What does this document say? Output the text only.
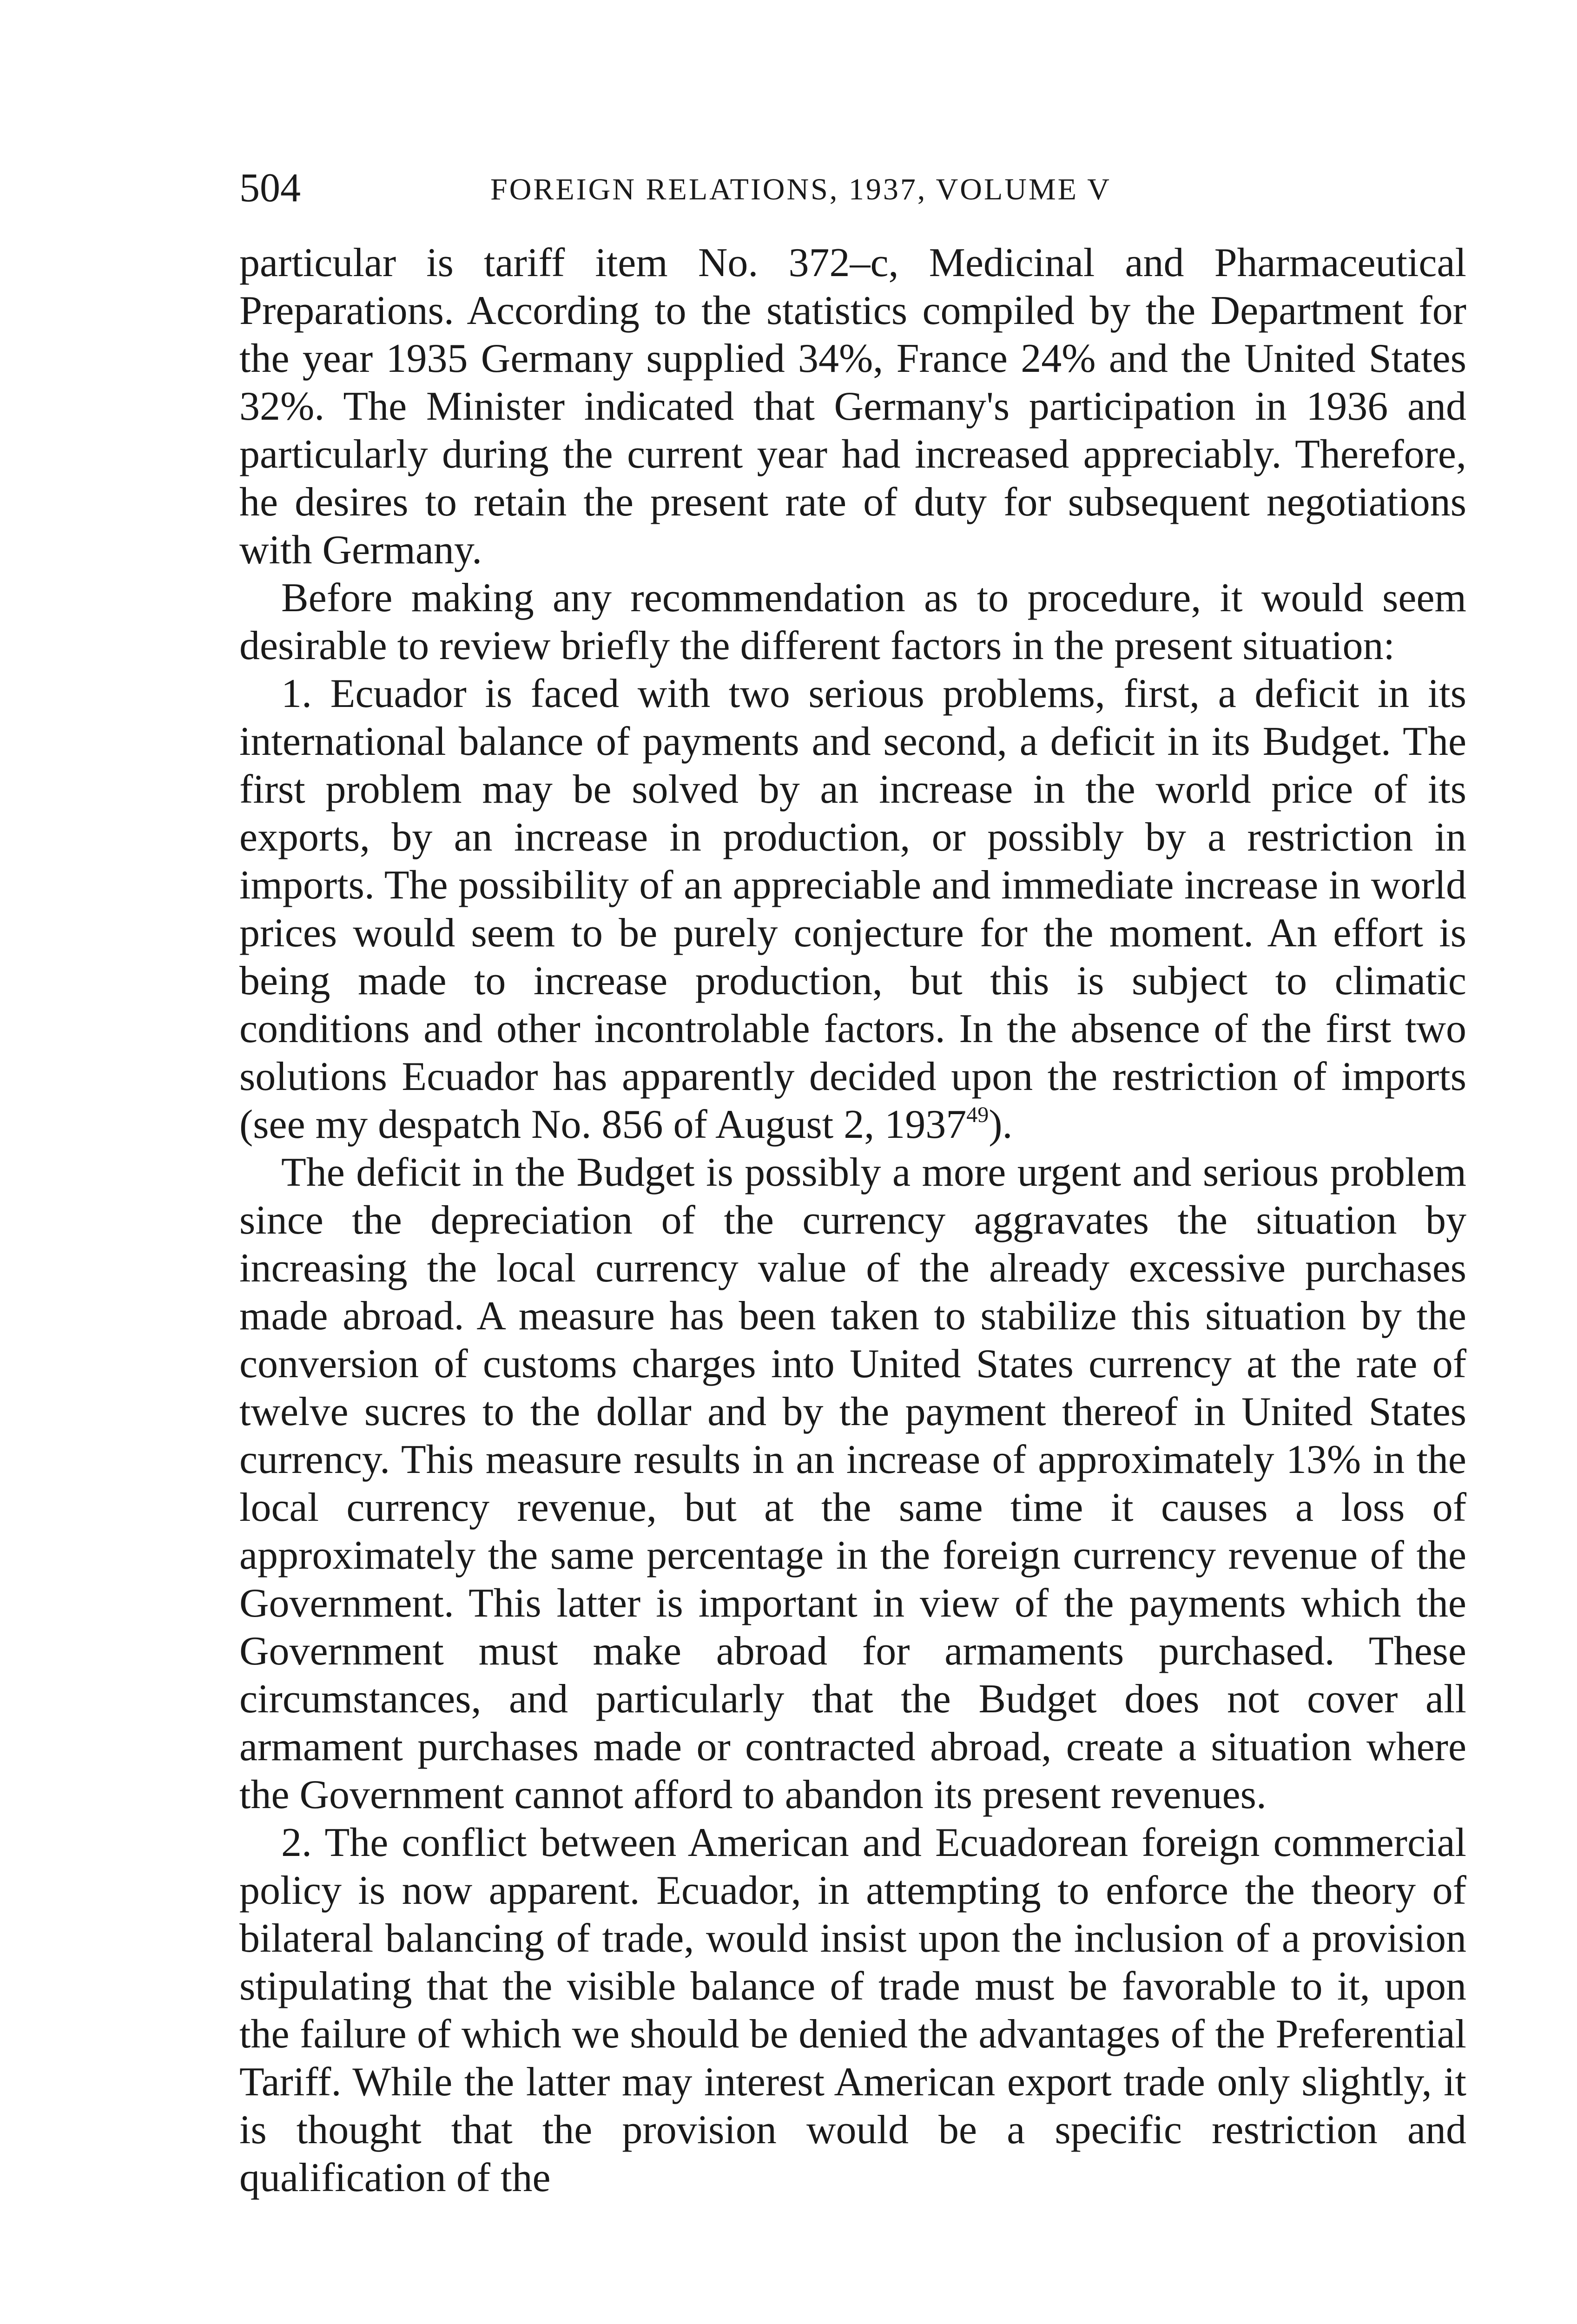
504	FOREIGN RELATIONS, 1937, VOLUME V

particular is tariff item No. 372–c, Medicinal and Pharmaceutical Preparations. According to the statistics compiled by the Department for the year 1935 Germany supplied 34%, France 24% and the United States 32%. The Minister indicated that Germany's participation in 1936 and particularly during the current year had increased appreciably. Therefore, he desires to retain the present rate of duty for subsequent negotiations with Germany.

Before making any recommendation as to procedure, it would seem desirable to review briefly the different factors in the present situation:

1. Ecuador is faced with two serious problems, first, a deficit in its international balance of payments and second, a deficit in its Budget. The first problem may be solved by an increase in the world price of its exports, by an increase in production, or possibly by a restriction in imports. The possibility of an appreciable and immediate increase in world prices would seem to be purely conjecture for the moment. An effort is being made to increase production, but this is subject to climatic conditions and other incontrolable factors. In the absence of the first two solutions Ecuador has apparently decided upon the restriction of imports (see my despatch No. 856 of August 2, 1937$^{49}$).

The deficit in the Budget is possibly a more urgent and serious problem since the depreciation of the currency aggravates the situation by increasing the local currency value of the already excessive purchases made abroad. A measure has been taken to stabilize this situation by the conversion of customs charges into United States currency at the rate of twelve sucres to the dollar and by the payment thereof in United States currency. This measure results in an increase of approximately 13% in the local currency revenue, but at the same time it causes a loss of approximately the same percentage in the foreign currency revenue of the Government. This latter is important in view of the payments which the Government must make abroad for armaments purchased. These circumstances, and particularly that the Budget does not cover all armament purchases made or contracted abroad, create a situation where the Government cannot afford to abandon its present revenues.

2. The conflict between American and Ecuadorean foreign commercial policy is now apparent. Ecuador, in attempting to enforce the theory of bilateral balancing of trade, would insist upon the inclusion of a provision stipulating that the visible balance of trade must be favorable to it, upon the failure of which we should be denied the advantages of the Preferential Tariff. While the latter may interest American export trade only slightly, it is thought that the provision would be a specific restriction and qualification of the
